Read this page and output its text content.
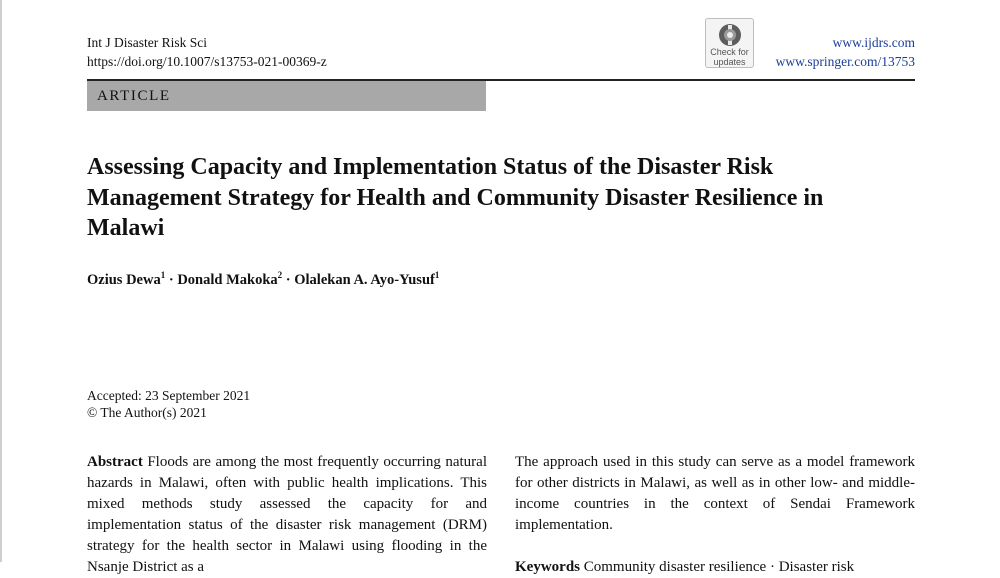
Int J Disaster Risk Sci
https://doi.org/10.1007/s13753-021-00369-z
Check for
updates
www.ijdrs.com
www.springer.com/13753
ARTICLE
Assessing Capacity and Implementation Status of the Disaster Risk Management Strategy for Health and Community Disaster Resilience in Malawi
Ozius Dewa$^1$ · Donald Makoka$^2$ · Olalekan A. Ayo-Yusuf$^1$
Accepted: 23 September 2021
© The Author(s) 2021

Abstract Floods are among the most frequently occurring natural hazards in Malawi, often with public health implications. This mixed methods study assessed the capacity for and implementation status of the disaster risk management (DRM) strategy for the health sector in Malawi using flooding in the Nsanje District as a

The approach used in this study can serve as a model framework for other districts in Malawi, as well as in other low- and middle-income countries in the context of Sendai Framework implementation.

Keywords Community disaster resilience · Disaster risk
